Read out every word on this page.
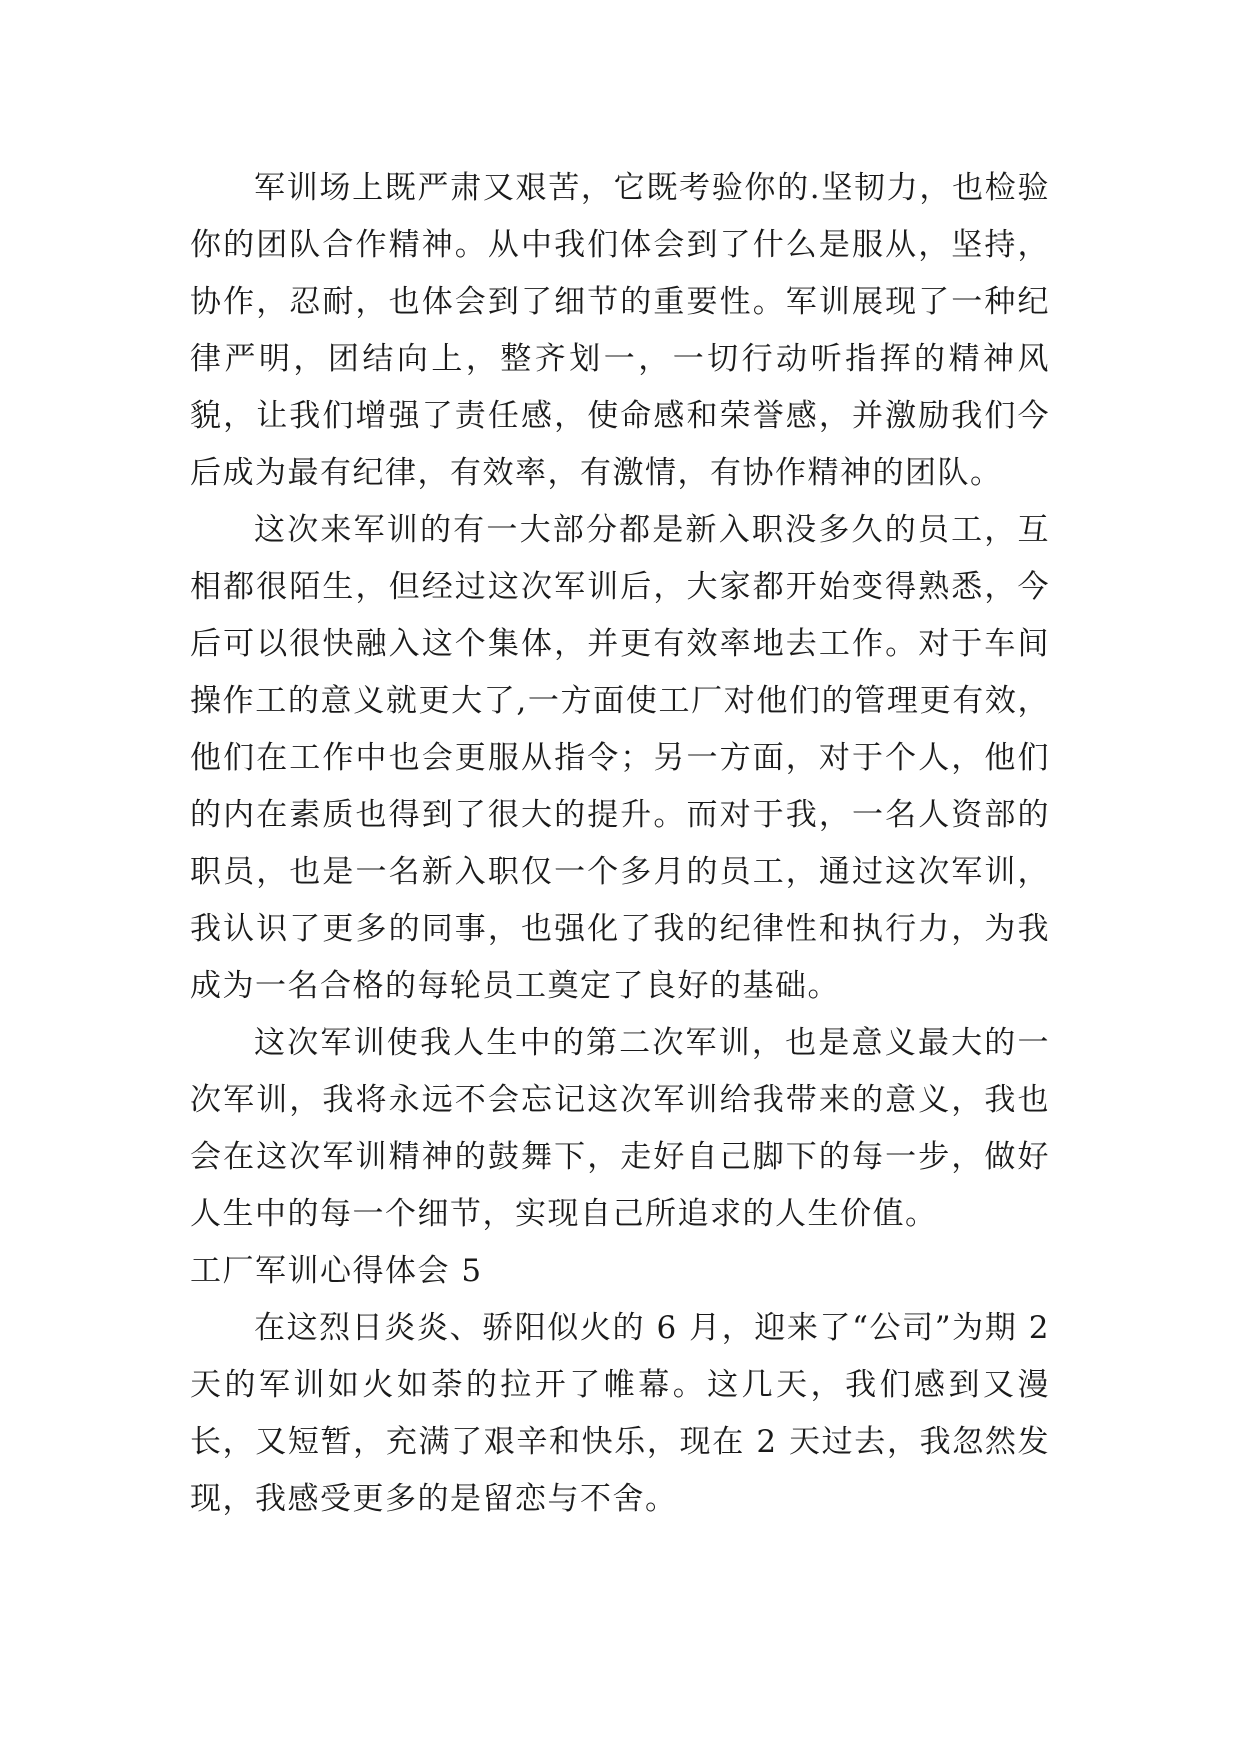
军训场上既严肃又艰苦，它既考验你的.坚韧力，也检验你的团队合作精神。从中我们体会到了什么是服从，坚持，协作，忍耐，也体会到了细节的重要性。军训展现了一种纪律严明，团结向上，整齐划一，一切行动听指挥的精神风貌，让我们增强了责任感，使命感和荣誉感，并激励我们今后成为最有纪律，有效率，有激情，有协作精神的团队。

这次来军训的有一大部分都是新入职没多久的员工，互相都很陌生，但经过这次军训后，大家都开始变得熟悉，今后可以很快融入这个集体，并更有效率地去工作。对于车间操作工的意义就更大了,一方面使工厂对他们的管理更有效，他们在工作中也会更服从指令；另一方面，对于个人，他们的内在素质也得到了很大的提升。而对于我，一名人资部的职员，也是一名新入职仅一个多月的员工，通过这次军训，我认识了更多的同事，也强化了我的纪律性和执行力，为我成为一名合格的每轮员工奠定了良好的基础。

这次军训使我人生中的第二次军训，也是意义最大的一次军训，我将永远不会忘记这次军训给我带来的意义，我也会在这次军训精神的鼓舞下，走好自己脚下的每一步，做好人生中的每一个细节，实现自己所追求的人生价值。

工厂军训心得体会 5

在这烈日炎炎、骄阳似火的 6 月，迎来了“公司”为期 2 天的军训如火如荼的拉开了帷幕。这几天，我们感到又漫长，又短暂，充满了艰辛和快乐，现在 2 天过去，我忽然发现，我感受更多的是留恋与不舍。
